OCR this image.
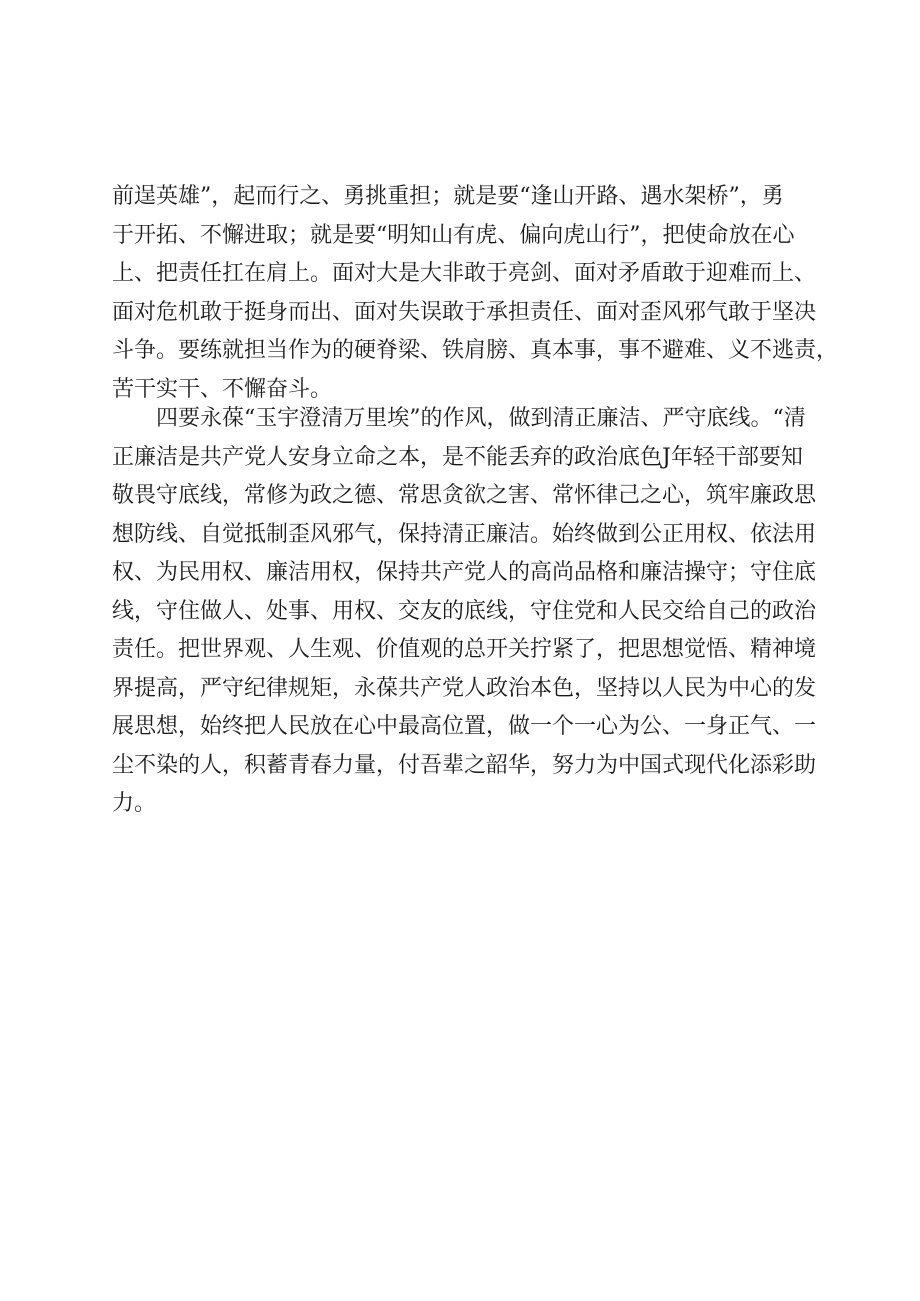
前逞英雄”，起而行之、勇挑重担；就是要“逢山开路、遇水架桥”，勇
于开拓、不懈进取；就是要“明知山有虎、偏向虎山行”，把使命放在心
上、把责任扛在肩上。面对大是大非敢于亮剑、面对矛盾敢于迎难而上、
面对危机敢于挺身而出、面对失误敢于承担责任、面对歪风邪气敢于坚决
斗争。要练就担当作为的硬脊梁、铁肩膀、真本事，事不避难、义不逃责，
苦干实干、不懈奋斗。
四要永葆“玉宇澄清万里埃”的作风，做到清正廉洁、严守底线。“清
正廉洁是共产党人安身立命之本，是不能丢弃的政治底色J年轻干部要知
敬畏守底线，常修为政之德、常思贪欲之害、常怀律己之心，筑牢廉政思
想防线、自觉抵制歪风邪气，保持清正廉洁。始终做到公正用权、依法用
权、为民用权、廉洁用权，保持共产党人的高尚品格和廉洁操守；守住底
线，守住做人、处事、用权、交友的底线，守住党和人民交给自己的政治
责任。把世界观、人生观、价值观的总开关拧紧了，把思想觉悟、精神境
界提高，严守纪律规矩，永葆共产党人政治本色，坚持以人民为中心的发
展思想，始终把人民放在心中最高位置，做一个一心为公、一身正气、一
尘不染的人，积蓄青春力量，付吾辈之韶华，努力为中国式现代化添彩助
力。
